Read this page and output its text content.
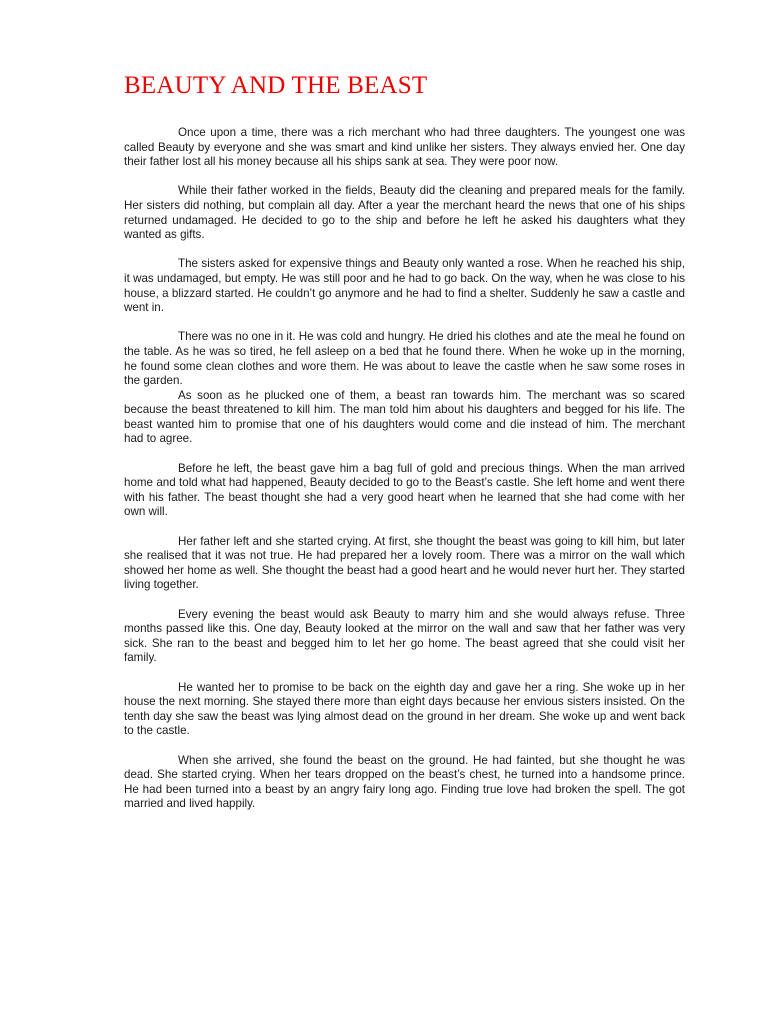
BEAUTY AND THE BEAST

Once upon a time, there was a rich merchant who had three daughters. The youngest one was called Beauty by everyone and she was smart and kind unlike her sisters. They always envied her. One day their father lost all his money because all his ships sank at sea. They were poor now.

While their father worked in the fields, Beauty did the cleaning and prepared meals for the family. Her sisters did nothing, but complain all day. After a year the merchant heard the news that one of his ships returned undamaged. He decided to go to the ship and before he left he asked his daughters what they wanted as gifts.

The sisters asked for expensive things and Beauty only wanted a rose. When he reached his ship, it was undamaged, but empty. He was still poor and he had to go back. On the way, when he was close to his house, a blizzard started. He couldn’t go anymore and he had to find a shelter. Suddenly he saw a castle and went in.

There was no one in it. He was cold and hungry. He dried his clothes and ate the meal he found on the table. As he was so tired, he fell asleep on a bed that he found there. When he woke up in the morning, he found some clean clothes and wore them. He was about to leave the castle when he saw some roses in the garden.

As soon as he plucked one of them, a beast ran towards him. The merchant was so scared because the beast threatened to kill him. The man told him about his daughters and begged for his life. The beast wanted him to promise that one of his daughters would come and die instead of him. The merchant had to agree.

Before he left, the beast gave him a bag full of gold and precious things. When the man arrived home and told what had happened, Beauty decided to go to the Beast’s castle. She left home and went there with his father. The beast thought she had a very good heart when he learned that she had come with her own will.

Her father left and she started crying. At first, she thought the beast was going to kill him, but later she realised that it was not true. He had prepared her a lovely room. There was a mirror on the wall which showed her home as well. She thought the beast had a good heart and he would never hurt her. They started living together.

Every evening the beast would ask Beauty to marry him and she would always refuse. Three months passed like this. One day, Beauty looked at the mirror on the wall and saw that her father was very sick. She ran to the beast and begged him to let her go home. The beast agreed that she could visit her family.

He wanted her to promise to be back on the eighth day and gave her a ring. She woke up in her house the next morning. She stayed there more than eight days because her envious sisters insisted. On the tenth day she saw the beast was lying almost dead on the ground in her dream. She woke up and went back to the castle.

When she arrived, she found the beast on the ground. He had fainted, but she thought he was dead. She started crying. When her tears dropped on the beast’s chest, he turned into a handsome prince. He had been turned into a beast by an angry fairy long ago. Finding true love had broken the spell. The got married and lived happily.
